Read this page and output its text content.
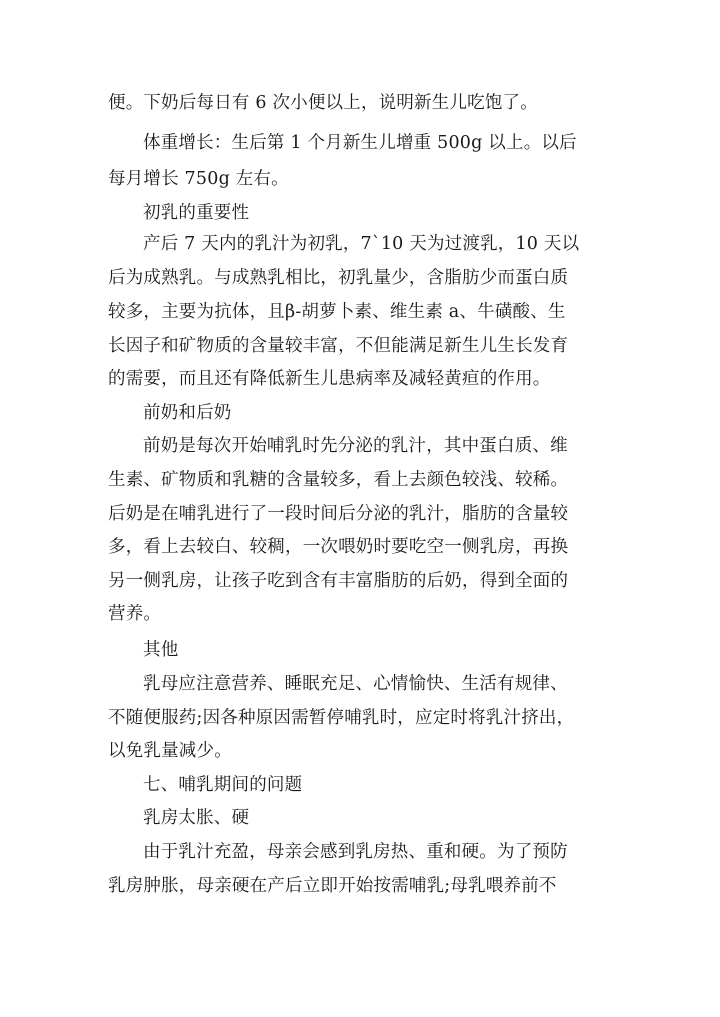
便。下奶后每日有 6 次小便以上，说明新生儿吃饱了。
体重增长：生后第 1 个月新生儿增重 500g 以上。以后
每月增长 750g 左右。
初乳的重要性
产后 7 天内的乳汁为初乳，7`10 天为过渡乳，10 天以
后为成熟乳。与成熟乳相比，初乳量少，含脂肪少而蛋白质
较多，主要为抗体，且β-胡萝卜素、维生素 a、牛磺酸、生
长因子和矿物质的含量较丰富，不但能满足新生儿生长发育
的需要，而且还有降低新生儿患病率及减轻黄疸的作用。
前奶和后奶
前奶是每次开始哺乳时先分泌的乳汁，其中蛋白质、维
生素、矿物质和乳糖的含量较多，看上去颜色较浅、较稀。
后奶是在哺乳进行了一段时间后分泌的乳汁，脂肪的含量较
多，看上去较白、较稠，一次喂奶时要吃空一侧乳房，再换
另一侧乳房，让孩子吃到含有丰富脂肪的后奶，得到全面的
营养。
其他
乳母应注意营养、睡眠充足、心情愉快、生活有规律、
不随便服药;因各种原因需暂停哺乳时，应定时将乳汁挤出，
以免乳量减少。
七、哺乳期间的问题
乳房太胀、硬
由于乳汁充盈，母亲会感到乳房热、重和硬。为了预防
乳房肿胀，母亲硬在产后立即开始按需哺乳;母乳喂养前不
